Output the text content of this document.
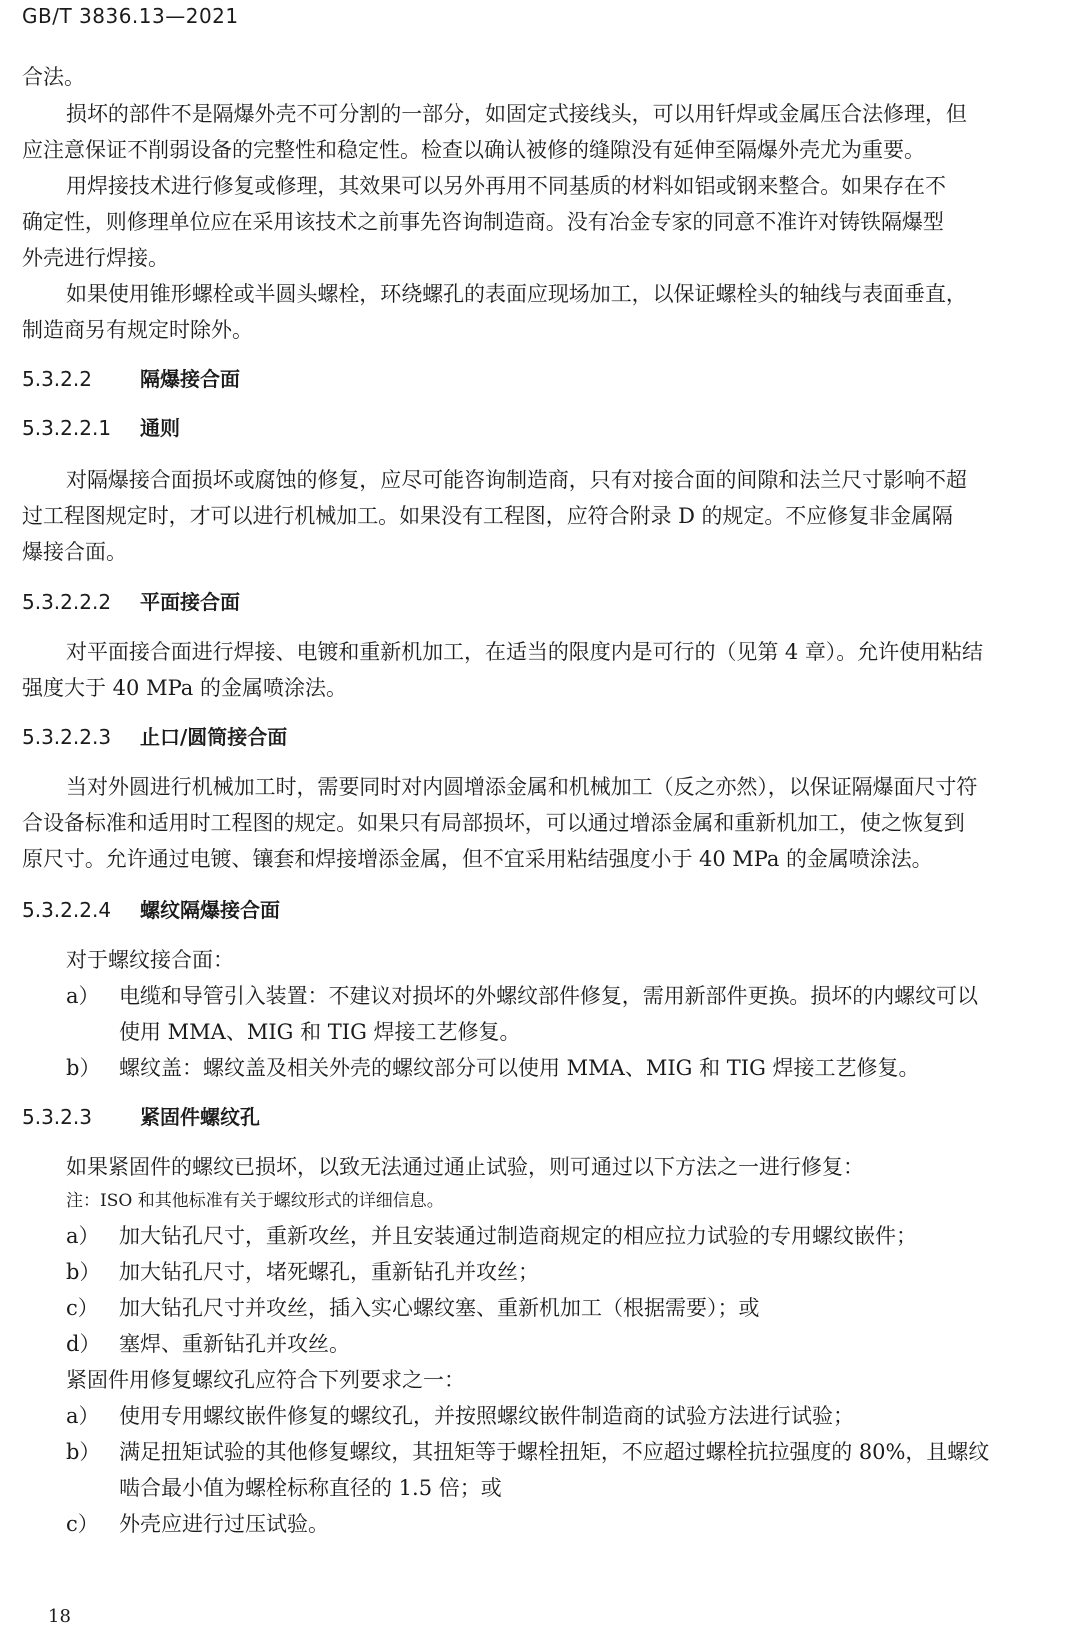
GB/T 3836.13—2021
合法。
损坏的部件不是隔爆外壳不可分割的一部分，如固定式接线头，可以用钎焊或金属压合法修理，但
应注意保证不削弱设备的完整性和稳定性。检查以确认被修的缝隙没有延伸至隔爆外壳尤为重要。
用焊接技术进行修复或修理，其效果可以另外再用不同基质的材料如铝或钢来整合。如果存在不
确定性，则修理单位应在采用该技术之前事先咨询制造商。没有冶金专家的同意不准许对铸铁隔爆型
外壳进行焊接。
如果使用锥形螺栓或半圆头螺栓，环绕螺孔的表面应现场加工，以保证螺栓头的轴线与表面垂直，
制造商另有规定时除外。
5.3.2.2 隔爆接合面
5.3.2.2.1 通则
对隔爆接合面损坏或腐蚀的修复，应尽可能咨询制造商，只有对接合面的间隙和法兰尺寸影响不超
过工程图规定时，才可以进行机械加工。如果没有工程图，应符合附录 D 的规定。不应修复非金属隔
爆接合面。
5.3.2.2.2 平面接合面
对平面接合面进行焊接、电镀和重新机加工，在适当的限度内是可行的（见第 4 章）。允许使用粘结
强度大于 40 MPa 的金属喷涂法。
5.3.2.2.3 止口/圆筒接合面
当对外圆进行机械加工时，需要同时对内圆增添金属和机械加工（反之亦然），以保证隔爆面尺寸符
合设备标准和适用时工程图的规定。如果只有局部损坏，可以通过增添金属和重新机加工，使之恢复到
原尺寸。允许通过电镀、镶套和焊接增添金属，但不宜采用粘结强度小于 40 MPa 的金属喷涂法。
5.3.2.2.4 螺纹隔爆接合面
对于螺纹接合面：
a） 电缆和导管引入装置：不建议对损坏的外螺纹部件修复，需用新部件更换。损坏的内螺纹可以
使用 MMA、MIG 和 TIG 焊接工艺修复。
b） 螺纹盖：螺纹盖及相关外壳的螺纹部分可以使用 MMA、MIG 和 TIG 焊接工艺修复。
5.3.2.3 紧固件螺纹孔
如果紧固件的螺纹已损坏，以致无法通过通止试验，则可通过以下方法之一进行修复：
注：ISO 和其他标准有关于螺纹形式的详细信息。
a） 加大钻孔尺寸，重新攻丝，并且安装通过制造商规定的相应拉力试验的专用螺纹嵌件；
b） 加大钻孔尺寸，堵死螺孔，重新钻孔并攻丝；
c） 加大钻孔尺寸并攻丝，插入实心螺纹塞、重新机加工（根据需要）；或
d） 塞焊、重新钻孔并攻丝。
紧固件用修复螺纹孔应符合下列要求之一：
a） 使用专用螺纹嵌件修复的螺纹孔，并按照螺纹嵌件制造商的试验方法进行试验；
b） 满足扭矩试验的其他修复螺纹，其扭矩等于螺栓扭矩，不应超过螺栓抗拉强度的 80%，且螺纹
啮合最小值为螺栓标称直径的 1.5 倍；或
c） 外壳应进行过压试验。
18
